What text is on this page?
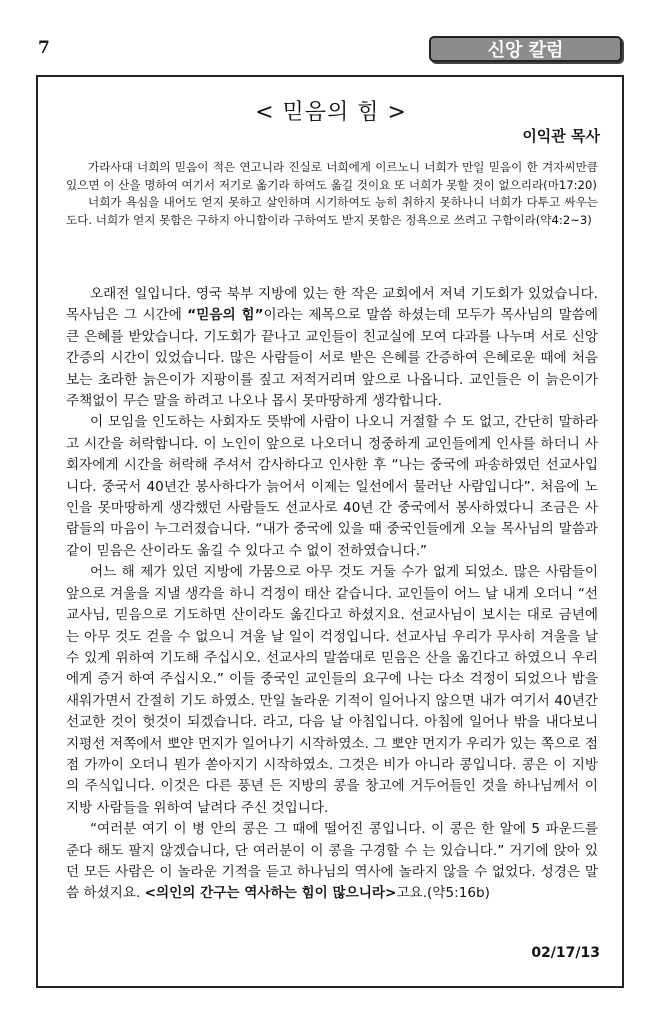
7	신앙 칼럼
< 믿음의 힘 >
이익관 목사

가라사대 너희의 믿음이 적은 연고니라 진실로 너희에게 이르노니 너희가 만일 믿음이 한 겨자씨만큼 있으면 이 산을 명하여 여기서 저기로 옮기라 하여도 옮길 것이요 또 너희가 못할 것이 없으리라(마17:20)

너희가 욕심을 내어도 얻지 못하고 살인하며 시기하여도 능히 취하지 못하나니 너희가 다투고 싸우는 도다. 너희가 얻지 못함은 구하지 아니함이라 구하여도 받지 못함은 정욕으로 쓰려고 구함이라(약4:2~3)

오래전 일입니다. 영국 북부 지방에 있는 한 작은 교회에서 저녁 기도회가 있었습니다. 목사님은 그 시간에 “믿음의 힘”이라는 제목으로 말씀 하셨는데 모두가 목사님의 말씀에 큰 은혜를 받았습니다. 기도회가 끝나고 교인들이 친교실에 모여 다과를 나누며 서로 신앙 간증의 시간이 있었습니다. 많은 사람들이 서로 받은 은혜를 간증하여 은혜로운 때에 처음 보는 초라한 늙은이가 지팡이를 짚고 저적거리며 앞으로 나옵니다. 교인들은 이 늙은이가 주책없이 무슨 말을 하려고 나오나 몹시 못마땅하게 생각합니다.

이 모임을 인도하는 사회자도 뜻밖에 사람이 나오니 거절할 수 도 없고, 간단히 말하라고 시간을 허락합니다. 이 노인이 앞으로 나오더니 정중하게 교인들에게 인사를 하더니 사회자에게 시간을 허락해 주셔서 감사하다고 인사한 후 “나는 중국에 파송하였던 선교사입니다. 중국서 40년간 봉사하다가 늙어서 이제는 일선에서 물러난 사람입니다”. 처음에 노인을 못마땅하게 생각했던 사람들도 선교사로 40년 간 중국에서 봉사하였다니 조금은 사람들의 마음이 누그러졌습니다. “내가 중국에 있을 때 중국인들에게 오늘 목사님의 말씀과 같이 믿음은 산이라도 옮길 수 있다고 수 없이 전하였습니다.”

어느 해 제가 있던 지방에 가뭄으로 아무 것도 거둘 수가 없게 되었소. 많은 사람들이 앞으로 겨울을 지낼 생각을 하니 걱정이 태산 같습니다. 교인들이 어느 날 내게 오더니 “선교사님, 믿음으로 기도하면 산이라도 옮긴다고 하셨지요. 선교사님이 보시는 대로 금년에는 아무 것도 걷을 수 없으니 겨울 날 일이 걱정입니다. 선교사님 우리가 무사히 겨울을 날 수 있게 위하여 기도해 주십시오. 선교사의 말씀대로 믿음은 산을 옮긴다고 하였으니 우리에게 증거 하여 주십시오.” 이들 중국인 교인들의 요구에 나는 다소 걱정이 되었으나 밤을 새워가면서 간절히 기도 하였소. 만일 놀라운 기적이 일어나지 않으면 내가 여기서 40년간 선교한 것이 헛것이 되겠습니다. 라고, 다음 날 아침입니다. 아침에 일어나 밖을 내다보니 지평선 저쪽에서 뽀얀 먼지가 일어나기 시작하였소. 그 뽀얀 먼지가 우리가 있는 쪽으로 점점 가까이 오더니 뭔가 쏟아지기 시작하였소. 그것은 비가 아니라 콩입니다. 콩은 이 지방의 주식입니다. 이것은 다른 풍년 든 지방의 콩을 창고에 거두어들인 것을 하나님께서 이 지방 사람들을 위하여 날려다 주신 것입니다.

“여러분 여기 이 병 안의 콩은 그 때에 떨어진 콩입니다. 이 콩은 한 알에 5 파운드를 준다 해도 팔지 않겠습니다, 단 여러분이 이 콩을 구경할 수 는 있습니다.” 거기에 앉아 있던 모든 사람은 이 놀라운 기적을 듣고 하나님의 역사에 놀라지 않을 수 없었다. 성경은 말씀 하셨지요. <의인의 간구는 역사하는 힘이 많으니라>고요.(약5:16b)

02/17/13
